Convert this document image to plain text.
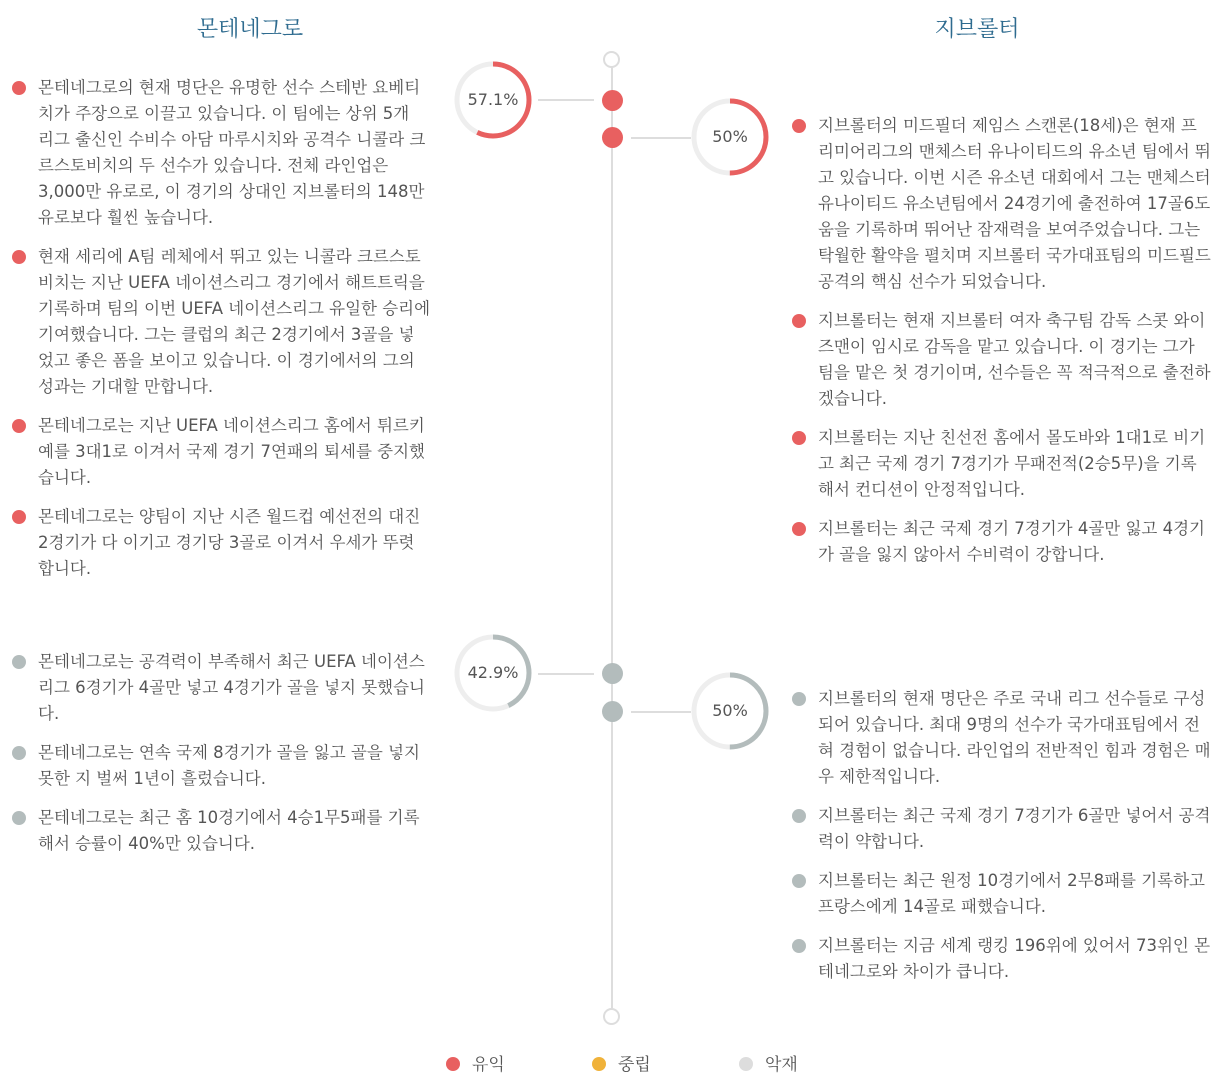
몬테네그로	지브롤터
57.1%
50%
42.9%
50%
몬테네그로의 현재 명단은 유명한 선수 스테반 요베티치가 주장으로 이끌고 있습니다. 이 팀에는 상위 5개 리그 출신인 수비수 아담 마루시치와 공격수 니콜라 크르스토비치의 두 선수가 있습니다. 전체 라인업은 3,000만 유로로, 이 경기의 상대인 지브롤터의 148만 유로보다 훨씬 높습니다.
현재 세리에 A팀 레체에서 뛰고 있는 니콜라 크르스토비치는 지난 UEFA 네이션스리그 경기에서 해트트릭을 기록하며 팀의 이번 UEFA 네이션스리그 유일한 승리에 기여했습니다. 그는 클럽의 최근 2경기에서 3골을 넣었고 좋은 폼을 보이고 있습니다. 이 경기에서의 그의 성과는 기대할 만합니다.
몬테네그로는 지난 UEFA 네이션스리그 홈에서 튀르키예를 3대1로 이겨서 국제 경기 7연패의 퇴세를 중지했습니다.
몬테네그로는 양팀이 지난 시즌 월드컵 예선전의 대진 2경기가 다 이기고 경기당 3골로 이겨서 우세가 뚜렷합니다.
몬테네그로는 공격력이 부족해서 최근 UEFA 네이션스리그 6경기가 4골만 넣고 4경기가 골을 넣지 못했습니다.
몬테네그로는 연속 국제 8경기가 골을 잃고 골을 넣지 못한 지 벌써 1년이 흘렀습니다.
몬테네그로는 최근 홈 10경기에서 4승1무5패를 기록해서 승률이 40%만 있습니다.
지브롤터의 미드필더 제임스 스캔론(18세)은 현재 프리미어리그의 맨체스터 유나이티드의 유소년 팀에서 뛰고 있습니다. 이번 시즌 유소년 대회에서 그는 맨체스터 유나이티드 유소년팀에서 24경기에 출전하여 17골6도움을 기록하며 뛰어난 잠재력을 보여주었습니다. 그는 탁월한 활약을 펼치며 지브롤터 국가대표팀의 미드필드 공격의 핵심 선수가 되었습니다.
지브롤터는 현재 지브롤터 여자 축구팀 감독 스콧 와이즈맨이 임시로 감독을 맡고 있습니다. 이 경기는 그가 팀을 맡은 첫 경기이며, 선수들은 꼭 적극적으로 출전하겠습니다.
지브롤터는 지난 친선전 홈에서 몰도바와 1대1로 비기고 최근 국제 경기 7경기가 무패전적(2승5무)을 기록해서 컨디션이 안정적입니다.
지브롤터는 최근 국제 경기 7경기가 4골만 잃고 4경기가 골을 잃지 않아서 수비력이 강합니다.
지브롤터의 현재 명단은 주로 국내 리그 선수들로 구성되어 있습니다. 최대 9명의 선수가 국가대표팀에서 전혀 경험이 없습니다. 라인업의 전반적인 힘과 경험은 매우 제한적입니다.
지브롤터는 최근 국제 경기 7경기가 6골만 넣어서 공격력이 약합니다.
지브롤터는 최근 원정 10경기에서 2무8패를 기록하고 프랑스에게 14골로 패했습니다.
지브롤터는 지금 세계 랭킹 196위에 있어서 73위인 몬테네그로와 차이가 큽니다.
유익	중립	악재
